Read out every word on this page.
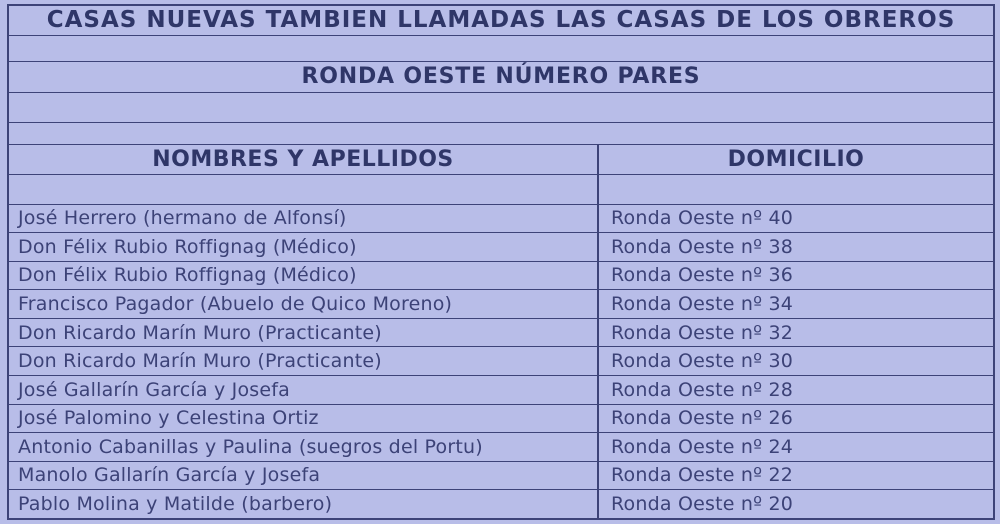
CASAS NUEVAS TAMBIEN LLAMADAS LAS CASAS DE LOS OBREROS	

RONDA OESTE NÚMERO PARES	

NOMBRES Y APELLIDOS	DOMICILIO

José Herrero (hermano de Alfonsí)	Ronda Oeste nº 40
Don Félix Rubio Roffignag (Médico)	Ronda Oeste nº 38
Don Félix Rubio Roffignag (Médico)	Ronda Oeste nº 36
Francisco Pagador (Abuelo de Quico Moreno)	Ronda Oeste nº 34
Don Ricardo Marín Muro (Practicante)	Ronda Oeste nº 32
Don Ricardo Marín Muro (Practicante)	Ronda Oeste nº 30
José Gallarín García y Josefa	Ronda Oeste nº 28
José Palomino y Celestina Ortiz	Ronda Oeste nº 26
Antonio Cabanillas y Paulina (suegros del Portu)	Ronda Oeste nº 24
Manolo Gallarín García y Josefa	Ronda Oeste nº 22
Pablo Molina y Matilde (barbero)	Ronda Oeste nº 20
